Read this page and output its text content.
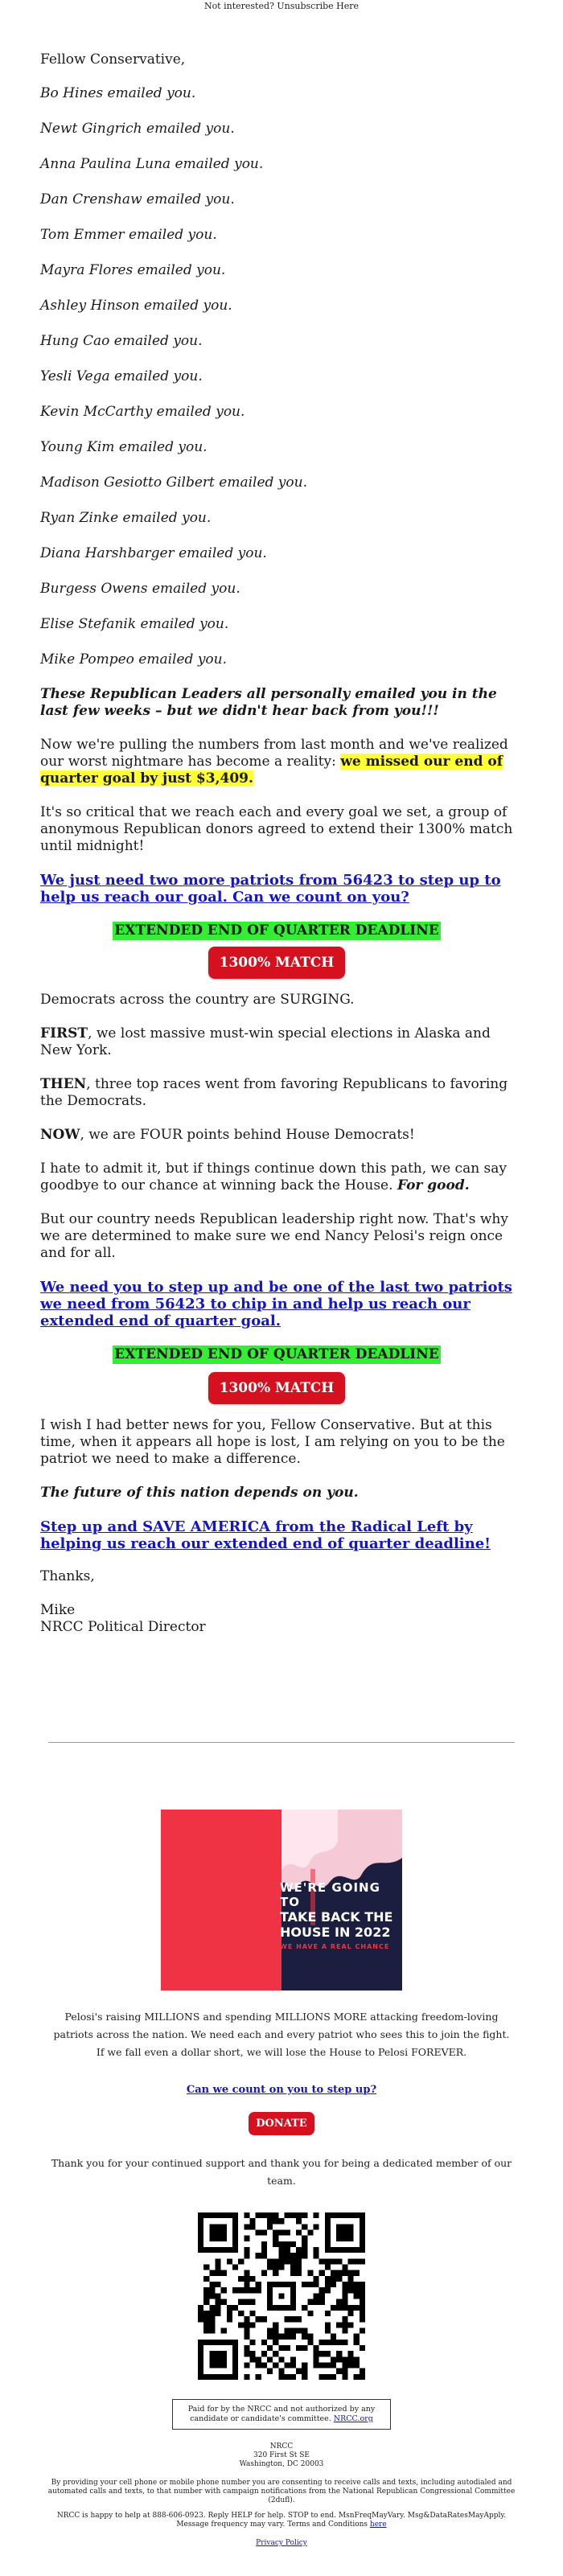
Not interested? Unsubscribe Here

Fellow Conservative,

Bo Hines emailed you.

Newt Gingrich emailed you.

Anna Paulina Luna emailed you.

Dan Crenshaw emailed you.

Tom Emmer emailed you.

Mayra Flores emailed you.

Ashley Hinson emailed you.

Hung Cao emailed you.

Yesli Vega emailed you.

Kevin McCarthy emailed you.

Young Kim emailed you.

Madison Gesiotto Gilbert emailed you.

Ryan Zinke emailed you.

Diana Harshbarger emailed you.

Burgess Owens emailed you.

Elise Stefanik emailed you.

Mike Pompeo emailed you.

These Republican Leaders all personally emailed you in the last few weeks – but we didn't hear back from you!!!

Now we're pulling the numbers from last month and we've realized our worst nightmare has become a reality: we missed our end of quarter goal by just $3,409.

It's so critical that we reach each and every goal we set, a group of anonymous Republican donors agreed to extend their 1300% match until midnight!

We just need two more patriots from 56423 to step up to help us reach our goal. Can we count on you?
EXTENDED END OF QUARTER DEADLINE
1300% MATCH

Democrats across the country are SURGING.

FIRST, we lost massive must-win special elections in Alaska and New York.

THEN, three top races went from favoring Republicans to favoring the Democrats.

NOW, we are FOUR points behind House Democrats!

I hate to admit it, but if things continue down this path, we can say goodbye to our chance at winning back the House. For good.

But our country needs Republican leadership right now. That's why we are determined to make sure we end Nancy Pelosi's reign once and for all.

We need you to step up and be one of the last two patriots we need from 56423 to chip in and help us reach our extended end of quarter goal.
EXTENDED END OF QUARTER DEADLINE
1300% MATCH

I wish I had better news for you, Fellow Conservative. But at this time, when it appears all hope is lost, I am relying on you to be the patriot we need to make a difference.

The future of this nation depends on you.

Step up and SAVE AMERICA from the Radical Left by helping us reach our extended end of quarter deadline!

Thanks,

Mike

NRCC Political Director

WE'RE GOING TO
TAKE BACK THE
HOUSE IN 2022
WE HAVE A REAL CHANCE

Pelosi's raising MILLIONS and spending MILLIONS MORE attacking freedom-loving patriots across the nation. We need each and every patriot who sees this to join the fight. If we fall even a dollar short, we will lose the House to Pelosi FOREVER.

Can we count on you to step up?

DONATE

Thank you for your continued support and thank you for being a dedicated member of our team.

Paid for by the NRCC and not authorized by any candidate or candidate's committee. NRCC.org
NRCC
320 First St SE
Washington, DC 20003

By providing your cell phone or mobile phone number you are consenting to receive calls and texts, including autodialed and automated calls and texts, to that number with campaign notifications from the National Republican Congressional Committee (2dufl).

NRCC is happy to help at 888-606-0923. Reply HELP for help. STOP to end. MsnFreqMayVary. Msg&DataRatesMayApply. Message frequency may vary. Terms and Conditions here

Privacy Policy
